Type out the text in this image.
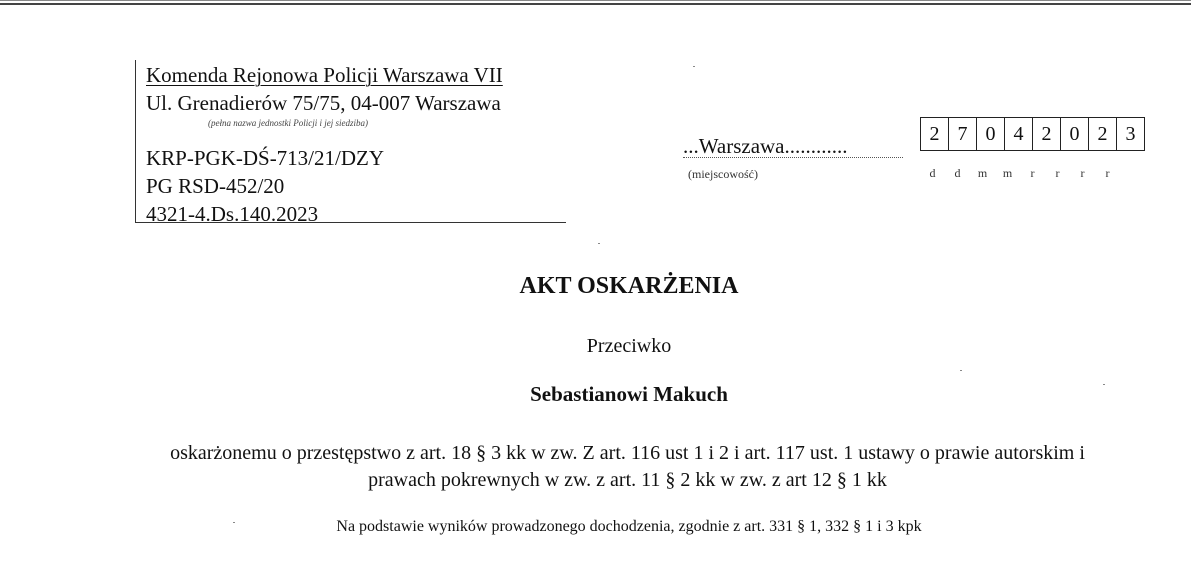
Komenda Rejonowa Policji Warszawa VII
Ul. Grenadierów 75/75, 04-007 Warszawa
(pełna nazwa jednostki Policji i jej siedziba)
KRP-PGK-DŚ-713/21/DZY
PG RSD-452/20
4321-4.Ds.140.2023
...Warszawa............
(miejscowość)
2 7 0 4 2 0 2 3
d	d	m	m	r	r	r	r
AKT OSKARŻENIA
Przeciwko
Sebastianowi Makuch
oskarżonemu o przestępstwo z art. 18 § 3 kk w zw. Z art. 116 ust 1 i 2 i art. 117 ust. 1 ustawy o prawie autorskim i prawach pokrewnych w zw. z art. 11 § 2 kk w zw. z art 12 § 1 kk
Na podstawie wyników prowadzonego dochodzenia, zgodnie z art. 331 § 1, 332 § 1 i 3 kpk
